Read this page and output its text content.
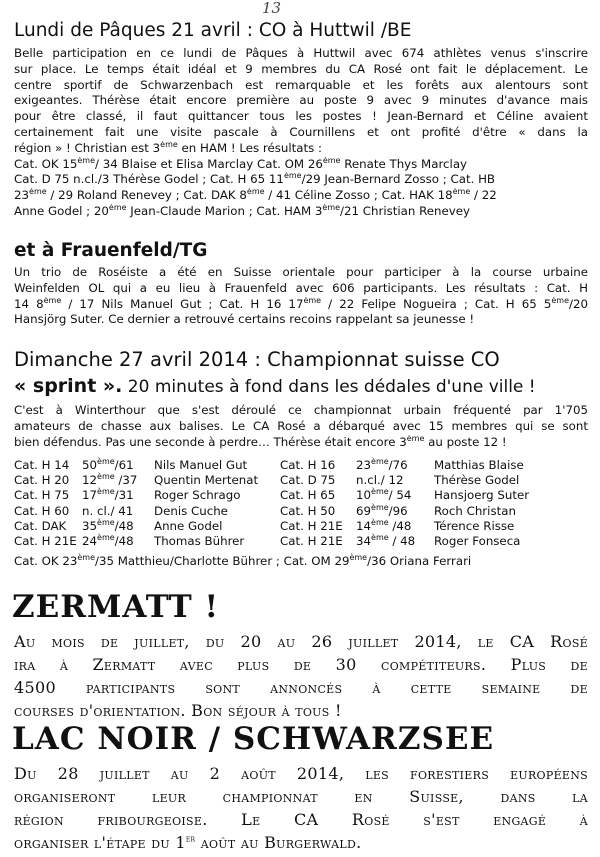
13
Lundi de Pâques 21 avril : CO à Huttwil /BE
Belle participation en ce lundi de Pâques à Huttwil avec 674 athlètes venus s'inscrire
sur place. Le temps était idéal et 9 membres du CA Rosé ont fait le déplacement. Le
centre sportif de Schwarzenbach est remarquable et les forêts aux alentours sont
exigeantes. Thérèse était encore première au poste 9 avec 9 minutes d'avance mais
pour être classé, il faut quittancer tous les postes ! Jean-Bernard et Céline avaient
certainement fait une visite pascale à Cournillens et ont profité d'être « dans la
région » ! Christian est 3ème en HAM ! Les résultats :
Cat. OK 15ème/ 34 Blaise et Elisa Marclay Cat. OM 26ème Renate Thys Marclay
Cat. D 75 n.cl./3 Thérèse Godel ; Cat. H 65 11ème/29 Jean-Bernard Zosso ; Cat. HB
23ème / 29 Roland Renevey ; Cat. DAK 8ème / 41 Céline Zosso ; Cat. HAK 18ème / 22
Anne Godel ; 20ème Jean-Claude Marion ; Cat. HAM 3ème/21 Christian Renevey
et à Frauenfeld/TG
Un trio de Roséiste a été en Suisse orientale pour participer à la course urbaine
Weinfelden OL qui a eu lieu à Frauenfeld avec 606 participants. Les résultats : Cat. H
14 8ème / 17 Nils Manuel Gut ; Cat. H 16 17ème / 22 Felipe Nogueira ; Cat. H 65 5ème/20
Hansjörg Suter. Ce dernier a retrouvé certains recoins rappelant sa jeunesse !
Dimanche 27 avril 2014 : Championnat suisse CO
« sprint ». 20 minutes à fond dans les dédales d'une ville !
C'est à Winterthour que s'est déroulé ce championnat urbain fréquenté par 1'705
amateurs de chasse aux balises. Le CA Rosé a débarqué avec 15 membres qui se sont
bien défendus. Pas une seconde à perdre… Thérèse était encore 3ème au poste 12 !
Cat. H 14	50ème/61	Nils Manuel Gut	Cat. H 16	23ème/76	Matthias Blaise
Cat. H 20	12ème /37	Quentin Mertenat	Cat. D 75	n.cl./ 12	Thérèse Godel
Cat. H 75	17ème/31	Roger Schrago	Cat. H 65	10ème/ 54	Hansjoerg Suter
Cat. H 60	n. cl./ 41	Denis Cuche	Cat. H 50	69ème/96	Roch Christan
Cat. DAK	35ème/48	Anne Godel	Cat. H 21E	14ème /48	Térence Risse
Cat. H 21E	24ème/48	Thomas Bührer	Cat. H 21E	34ème / 48	Roger Fonseca
Cat. OK 23ème/35 Matthieu/Charlotte Bührer ; Cat. OM 29ème/36 Oriana Ferrari
ZERMATT !
Au mois de juillet, du 20 au 26 juillet 2014, le CA Rosé
ira à Zermatt avec plus de 30 compétiteurs. Plus de
4500 participants sont annoncés à cette semaine de
courses d'orientation. Bon séjour à tous !
LAC NOIR / SCHWARZSEE
Du 28 juillet au 2 août 2014, les forestiers européens
organiseront leur championnat en Suisse, dans la
région fribourgeoise. Le CA Rosé s'est engagé à
organiser l'étape du 1er août au Burgerwald.
